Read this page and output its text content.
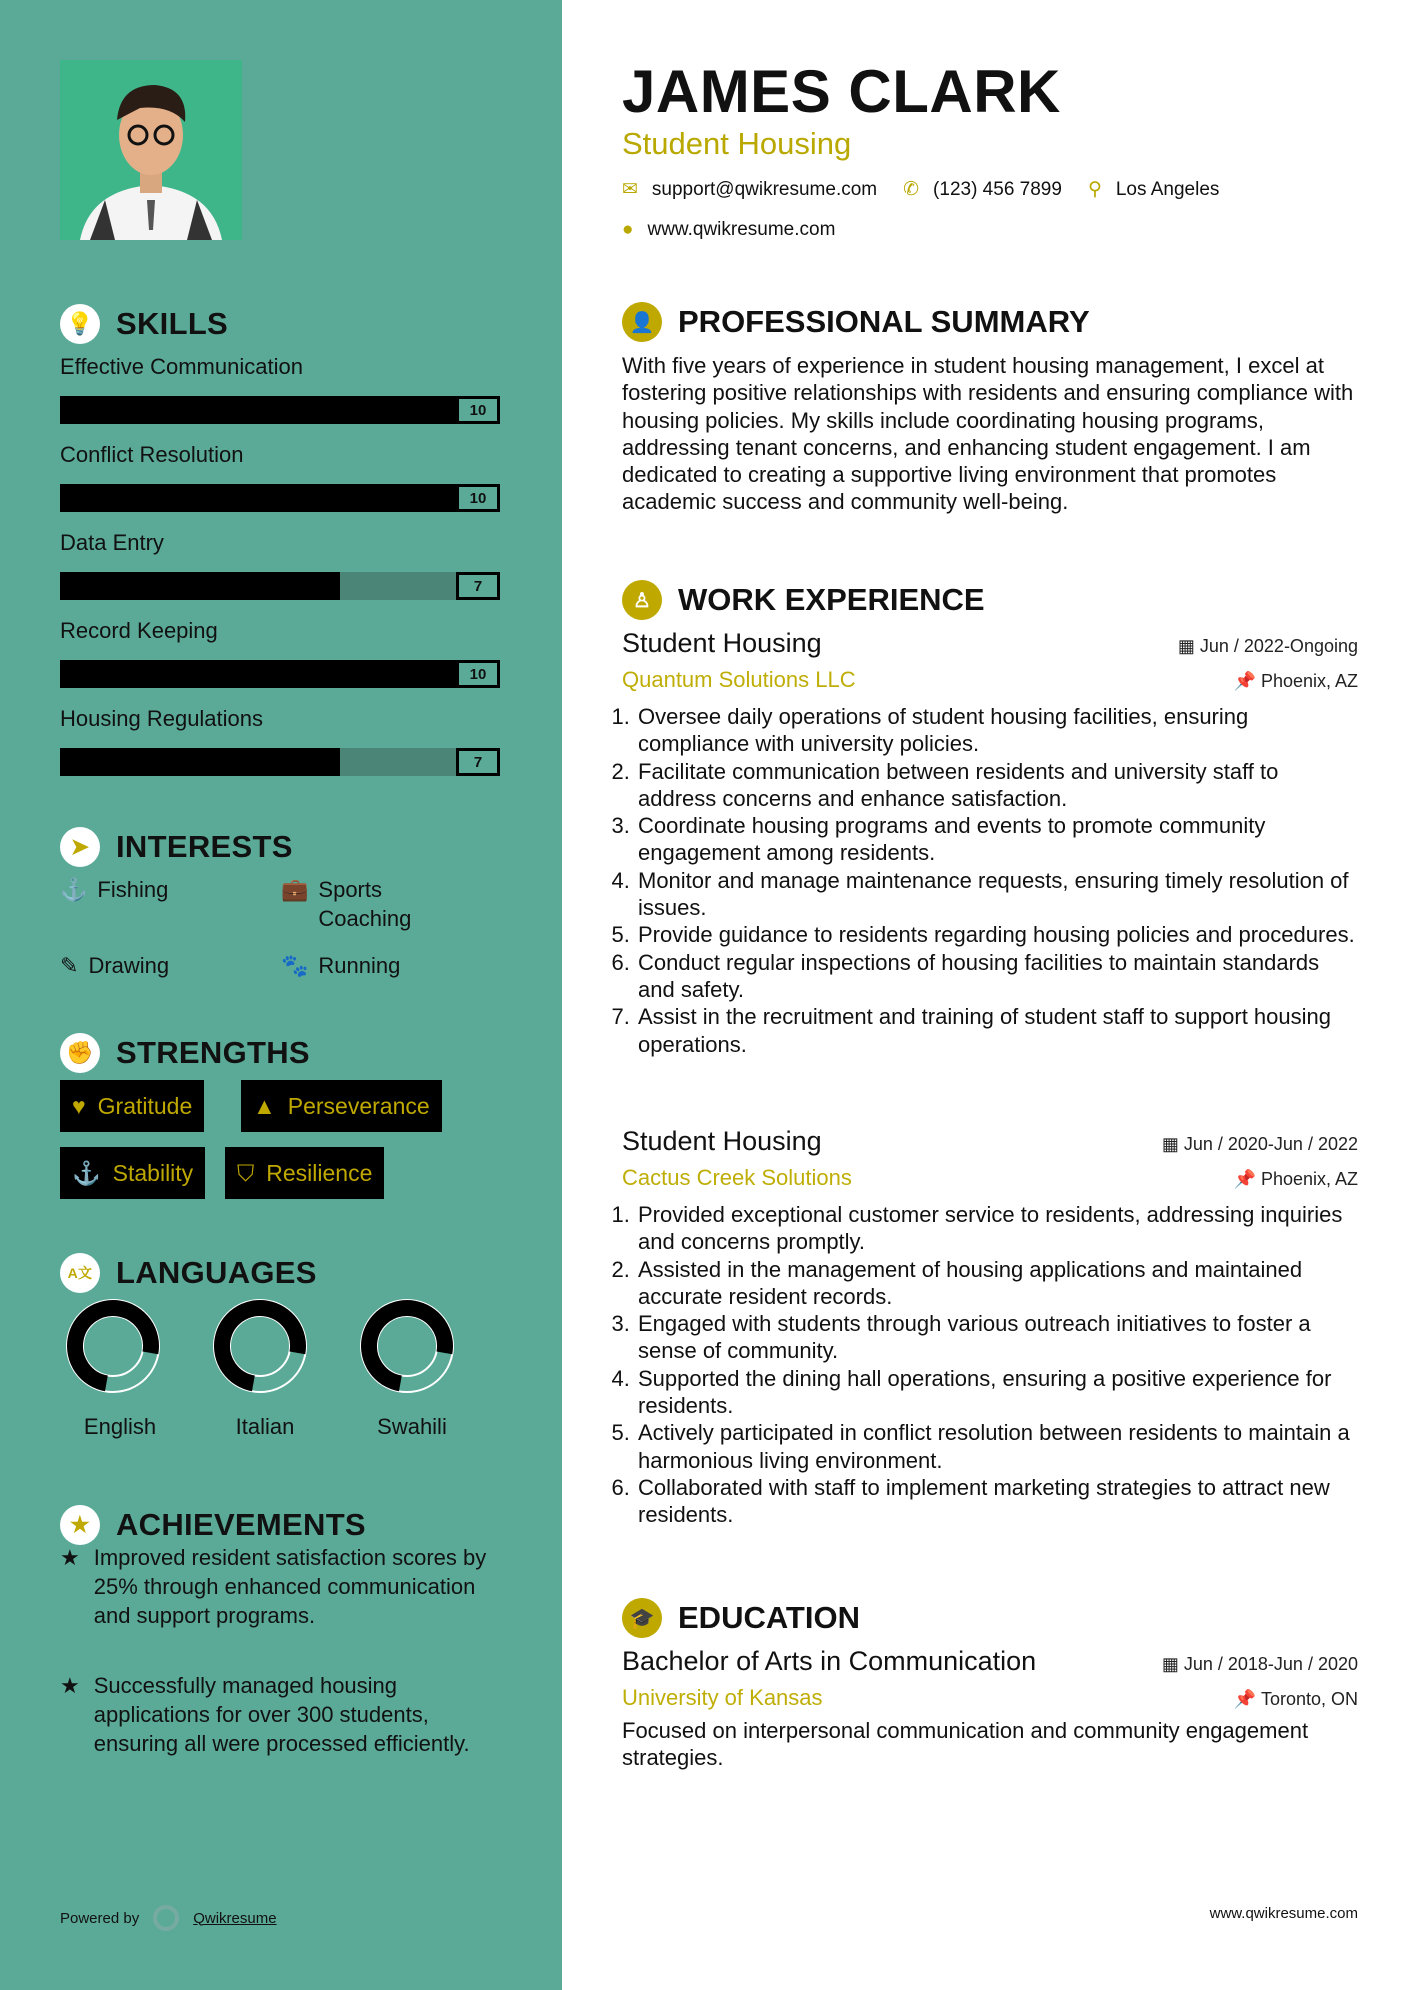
💡 SKILLS
Effective Communication
10
Conflict Resolution
10
Data Entry
7
Record Keeping
10
Housing Regulations
7
➤ INTERESTS
⚓ Fishing	💼 Sports Coaching
✎ Drawing	🐾 Running
✊ STRENGTHS
♥ Gratitude	▲ Perseverance
⚓ Stability ⛉ Resilience
A文 LANGUAGES
English	Italian	Swahili
★ ACHIEVEMENTS
★ Improved resident satisfaction scores by 25% through enhanced communication and support programs.
★ Successfully managed housing applications for over 300 students, ensuring all were processed efficiently.
Powered by	Qwikresume	www.qwikresume.com
JAMES CLARK
Student Housing
✉ support@qwikresume.com ✆ (123) 456 7899 ⚲ Los Angeles
● www.qwikresume.com
👤 PROFESSIONAL SUMMARY
With five years of experience in student housing management, I excel at fostering positive relationships with residents and ensuring compliance with housing policies. My skills include coordinating housing programs, addressing tenant concerns, and enhancing student engagement. I am dedicated to creating a supportive living environment that promotes academic success and community well-being.
♙ WORK EXPERIENCE
Student Housing	▦ Jun / 2022-Ongoing
Quantum Solutions LLC	📌 Phoenix, AZ
1. Oversee daily operations of student housing facilities, ensuring compliance with university policies.
2. Facilitate communication between residents and university staff to address concerns and enhance satisfaction.
3. Coordinate housing programs and events to promote community engagement among residents.
4. Monitor and manage maintenance requests, ensuring timely resolution of issues.
5. Provide guidance to residents regarding housing policies and procedures.
6. Conduct regular inspections of housing facilities to maintain standards and safety.
7. Assist in the recruitment and training of student staff to support housing operations.
Student Housing	▦ Jun / 2020-Jun / 2022
Cactus Creek Solutions	📌 Phoenix, AZ
1. Provided exceptional customer service to residents, addressing inquiries and concerns promptly.
2. Assisted in the management of housing applications and maintained accurate resident records.
3. Engaged with students through various outreach initiatives to foster a sense of community.
4. Supported the dining hall operations, ensuring a positive experience for residents.
5. Actively participated in conflict resolution between residents to maintain a harmonious living environment.
6. Collaborated with staff to implement marketing strategies to attract new residents.
🎓 EDUCATION
Bachelor of Arts in Communication	▦ Jun / 2018-Jun / 2020
University of Kansas	📌 Toronto, ON
Focused on interpersonal communication and community engagement strategies.
